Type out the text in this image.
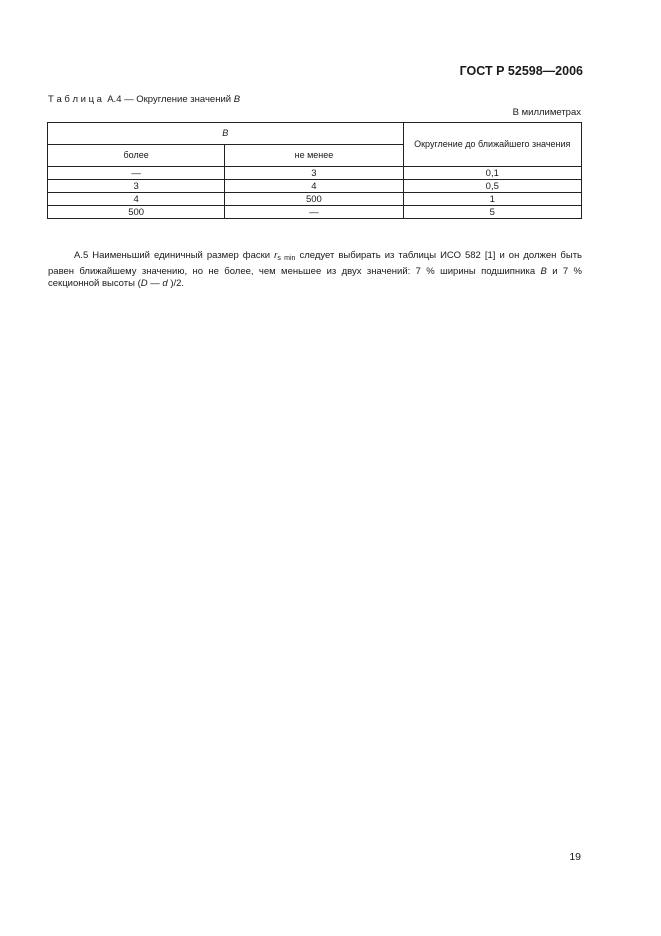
ГОСТ Р 52598—2006
Т а б л и ц а  А.4 — Округление значений B
В миллиметрах
B		Округление до ближайшего значения
более	не менее	
—	3	0,1
3	4	0,5
4	500	1
500	—	5

А.5 Наименьший единичный размер фаски $r_{s min}$ следует выбирать из таблицы ИСО 582 [1] и он должен быть равен ближайшему значению, но не более, чем меньшее из двух значений: 7 % ширины подшипника B и 7 % секционной высоты (D — d )/2.

19
